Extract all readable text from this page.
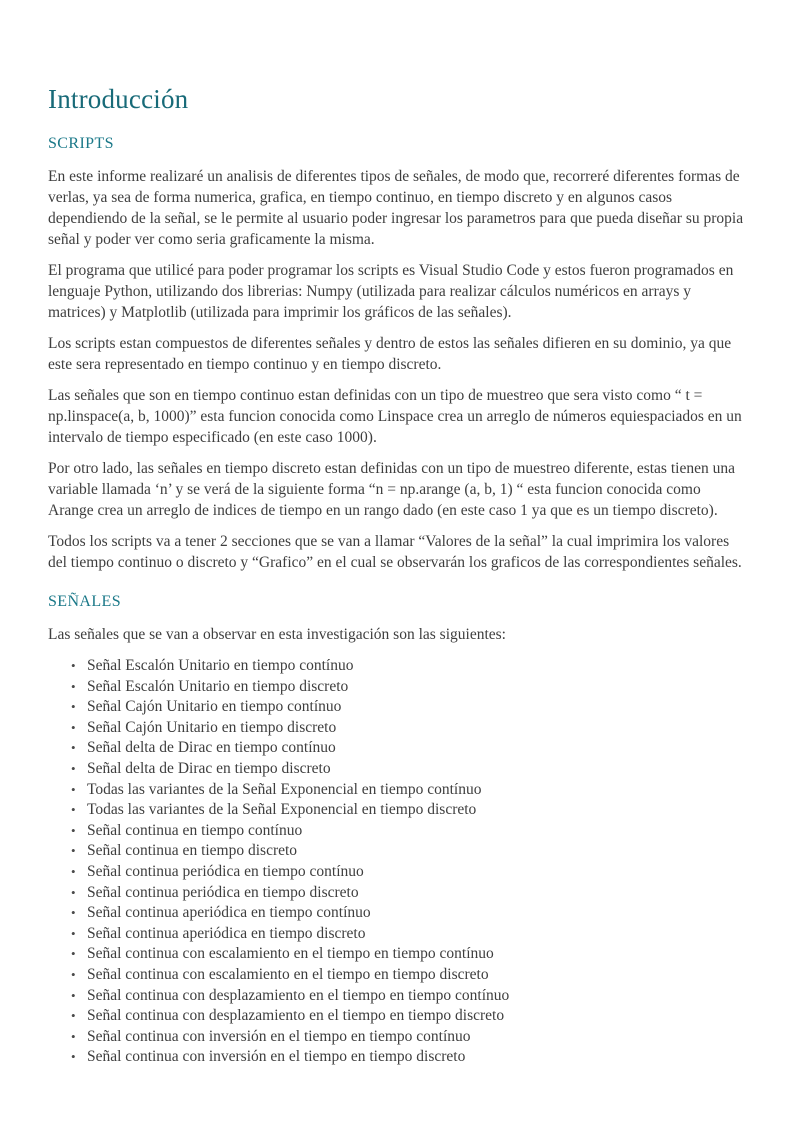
Introducción
SCRIPTS

En este informe realizaré un analisis de diferentes tipos de señales, de modo que, recorreré diferentes formas de verlas, ya sea de forma numerica, grafica, en tiempo continuo, en tiempo discreto y en algunos casos dependiendo de la señal, se le permite al usuario poder ingresar los parametros para que pueda diseñar su propia señal y poder ver como seria graficamente la misma.

El programa que utilicé para poder programar los scripts es Visual Studio Code y estos fueron programados en lenguaje Python, utilizando dos librerias: Numpy (utilizada para realizar cálculos numéricos en arrays y matrices) y Matplotlib (utilizada para imprimir los gráficos de las señales).

Los scripts estan compuestos de diferentes señales y dentro de estos las señales difieren en su dominio, ya que este sera representado en tiempo continuo y en tiempo discreto.

Las señales que son en tiempo continuo estan definidas con un tipo de muestreo que sera visto como “ t = np.linspace(a, b, 1000)” esta funcion conocida como Linspace crea un arreglo de números equiespaciados en un intervalo de tiempo especificado (en este caso 1000).

Por otro lado, las señales en tiempo discreto estan definidas con un tipo de muestreo diferente, estas tienen una variable llamada ‘n’ y se verá de la siguiente forma “n = np.arange (a, b, 1) “ esta funcion conocida como Arange crea un arreglo de indices de tiempo en un rango dado (en este caso 1 ya que es un tiempo discreto).

Todos los scripts va a tener 2 secciones que se van a llamar “Valores de la señal” la cual imprimira los valores del tiempo continuo o discreto y “Grafico” en el cual se observarán los graficos de las correspondientes señales.

SEÑALES

Las señales que se van a observar en esta investigación son las siguientes:

• Señal Escalón Unitario en tiempo contínuo
• Señal Escalón Unitario en tiempo discreto
• Señal Cajón Unitario en tiempo contínuo
• Señal Cajón Unitario en tiempo discreto
• Señal delta de Dirac en tiempo contínuo
• Señal delta de Dirac en tiempo discreto
• Todas las variantes de la Señal Exponencial en tiempo contínuo
• Todas las variantes de la Señal Exponencial en tiempo discreto
• Señal continua en tiempo contínuo
• Señal continua en tiempo discreto
• Señal continua periódica en tiempo contínuo
• Señal continua periódica en tiempo discreto
• Señal continua aperiódica en tiempo contínuo
• Señal continua aperiódica en tiempo discreto
• Señal continua con escalamiento en el tiempo en tiempo contínuo
• Señal continua con escalamiento en el tiempo en tiempo discreto
• Señal continua con desplazamiento en el tiempo en tiempo contínuo
• Señal continua con desplazamiento en el tiempo en tiempo discreto
• Señal continua con inversión en el tiempo en tiempo contínuo
• Señal continua con inversión en el tiempo en tiempo discreto
